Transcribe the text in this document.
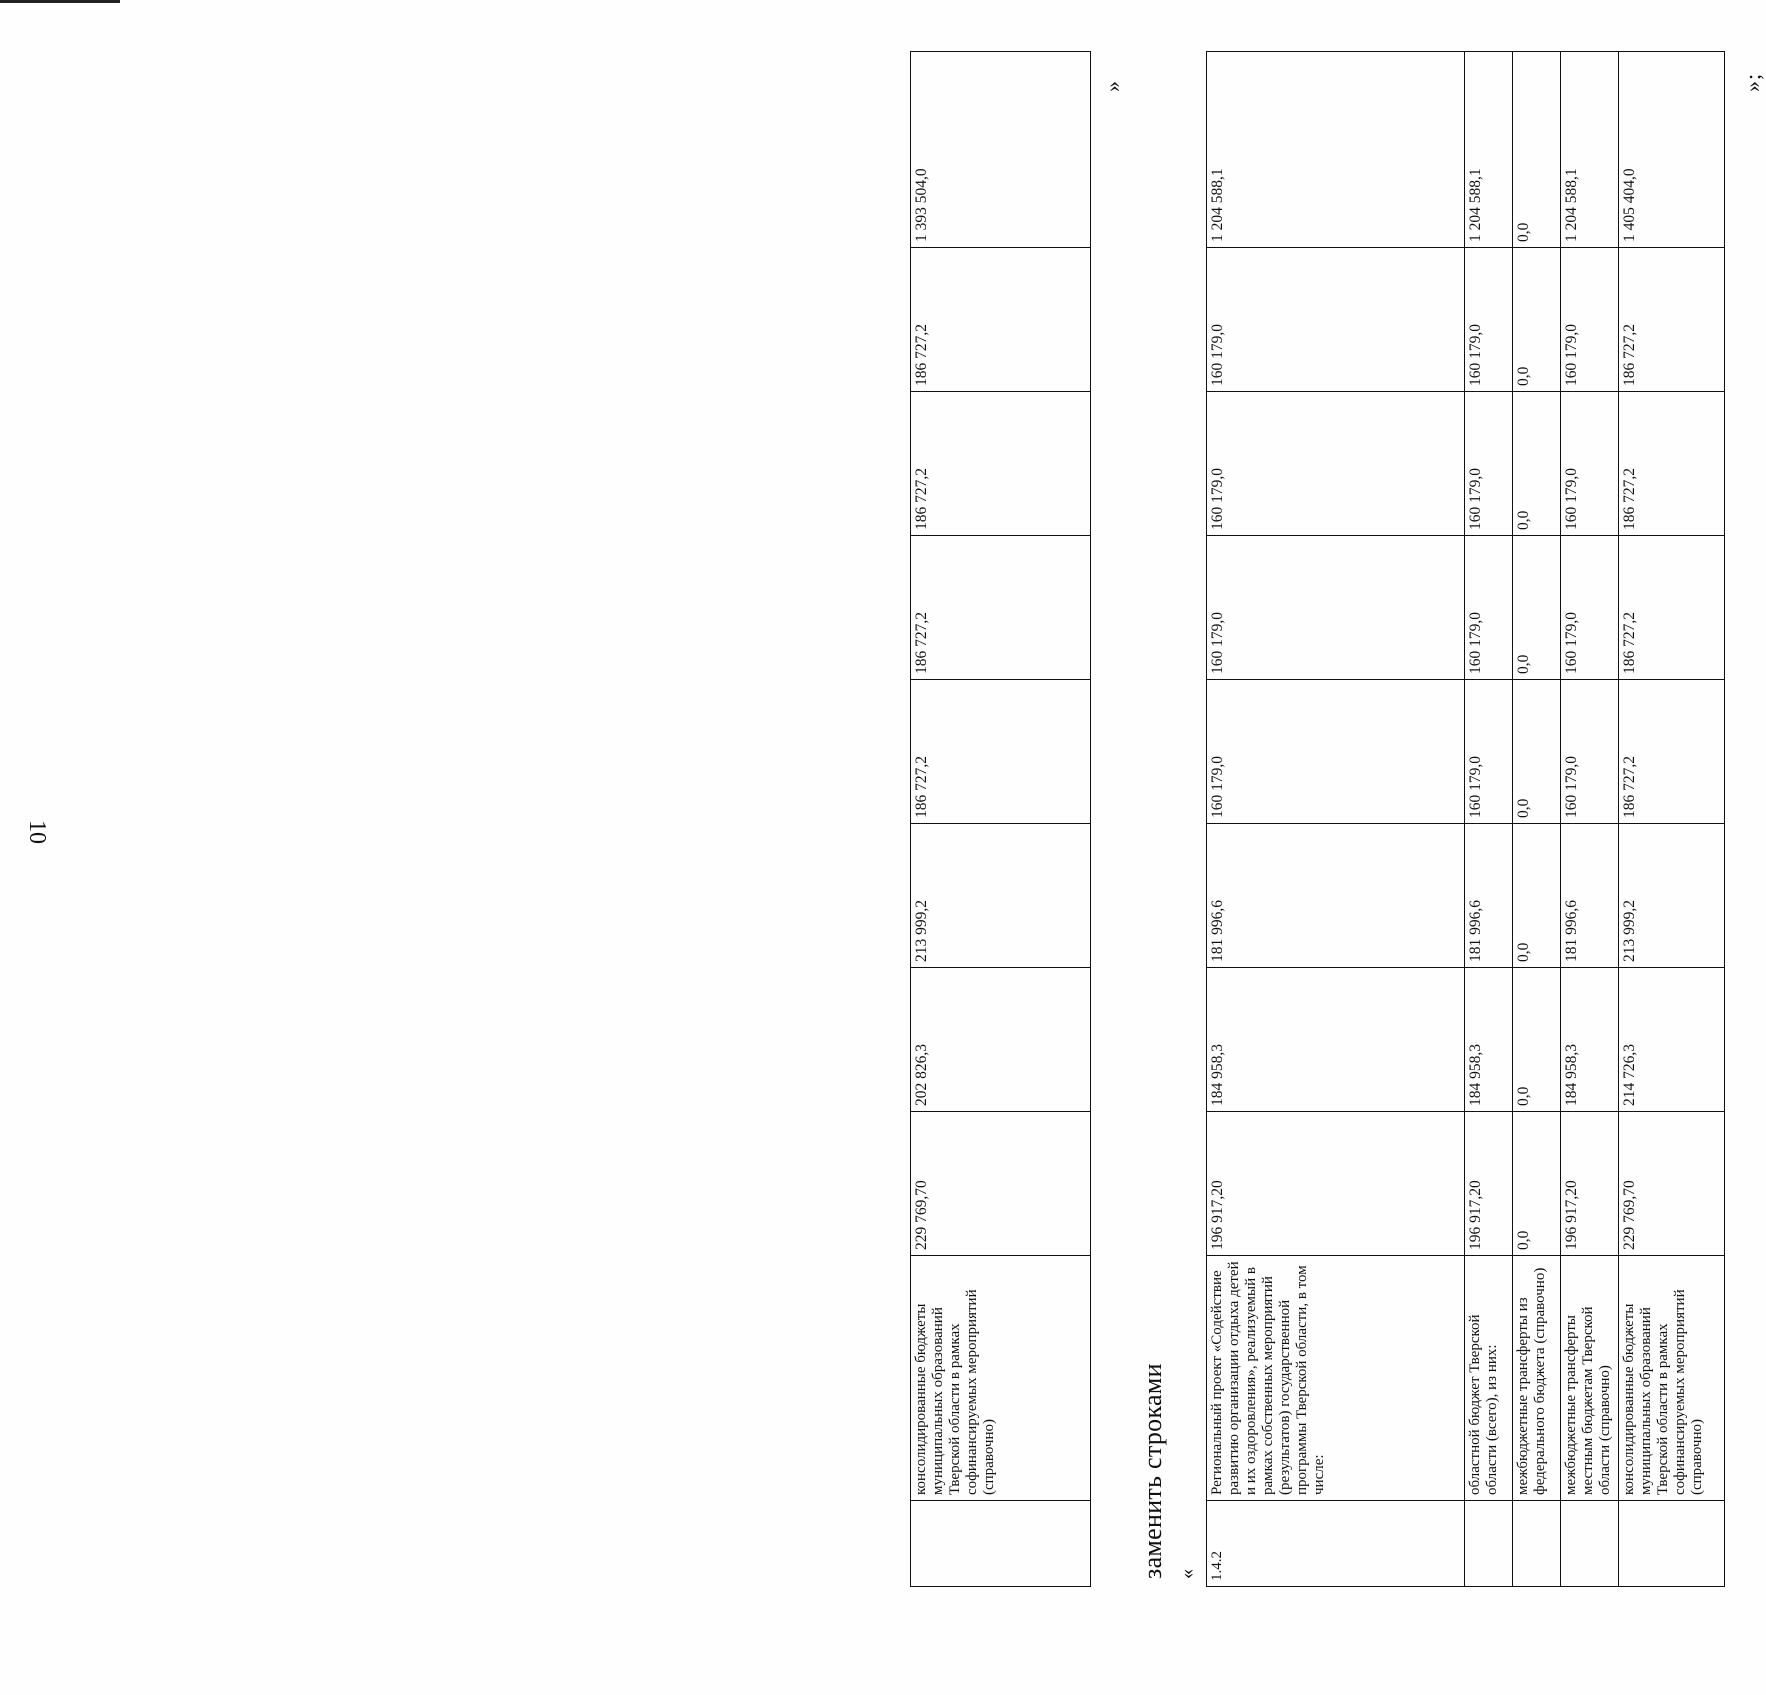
10
	консолидированные бюджеты муниципальных образований Тверской области в рамках софинансируемых мероприятий (справочно)	229 769,70	202 826,3	213 999,2	186 727,2	186 727,2	186 727,2	186 727,2	1 393 504,0
»
заменить строками « 1.4.2	Региональный проект «Содействие развитию организации отдыха детей и их оздоровления», реализуемый в рамках собственных мероприятий (результатов) государственной программы Тверской области, в том числе:	196 917,20	184 958,3	181 996,6	160 179,0	160 179,0	160 179,0	160 179,0	1 204 588,1
	областной бюджет Тверской области (всего), из них:	196 917,20	184 958,3	181 996,6	160 179,0	160 179,0	160 179,0	160 179,0	1 204 588,1
	межбюджетные трансферты из федерального бюджета (справочно)	0,0	0,0	0,0	0,0	0,0	0,0	0,0	0,0
	межбюджетные трансферты местным бюджетам Тверской области (справочно)	196 917,20	184 958,3	181 996,6	160 179,0	160 179,0	160 179,0	160 179,0	1 204 588,1
	консолидированные бюджеты муниципальных образований Тверской области в рамках софинансируемых мероприятий (справочно)	229 769,70	214 726,3	213 999,2	186 727,2	186 727,2	186 727,2	186 727,2	1 405 404,0
»;
